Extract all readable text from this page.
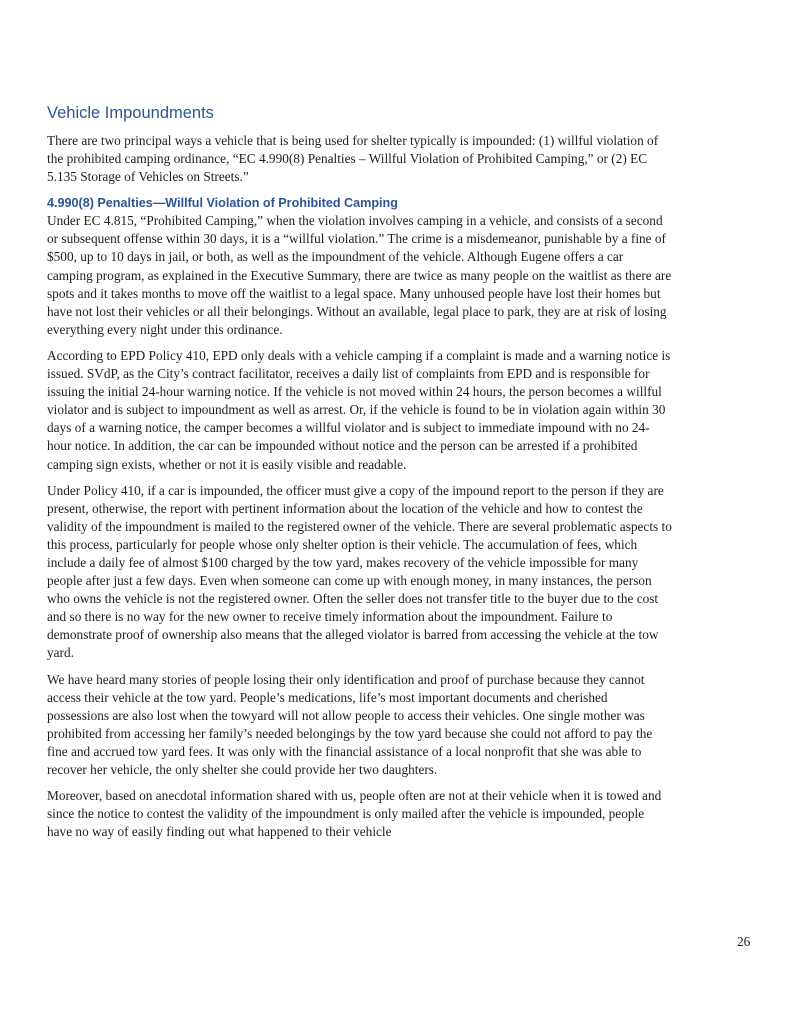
Vehicle Impoundments

There are two principal ways a vehicle that is being used for shelter typically is impounded: (1) willful violation of the prohibited camping ordinance, “EC 4.990(8) Penalties – Willful Violation of Prohibited Camping,” or (2) EC 5.135 Storage of Vehicles on Streets.”

4.990(8) Penalties—Willful Violation of Prohibited Camping

Under EC 4.815, “Prohibited Camping,” when the violation involves camping in a vehicle, and consists of a second or subsequent offense within 30 days, it is a “willful violation.” The crime is a misdemeanor, punishable by a fine of $500, up to 10 days in jail, or both, as well as the impoundment of the vehicle. Although Eugene offers a car camping program, as explained in the Executive Summary, there are twice as many people on the waitlist as there are spots and it takes months to move off the waitlist to a legal space. Many unhoused people have lost their homes but have not lost their vehicles or all their belongings. Without an available, legal place to park, they are at risk of losing everything every night under this ordinance.

According to EPD Policy 410, EPD only deals with a vehicle camping if a complaint is made and a warning notice is issued. SVdP, as the City’s contract facilitator, receives a daily list of complaints from EPD and is responsible for issuing the initial 24-hour warning notice. If the vehicle is not moved within 24 hours, the person becomes a willful violator and is subject to impoundment as well as arrest. Or, if the vehicle is found to be in violation again within 30 days of a warning notice, the camper becomes a willful violator and is subject to immediate impound with no 24-hour notice. In addition, the car can be impounded without notice and the person can be arrested if a prohibited camping sign exists, whether or not it is easily visible and readable.

Under Policy 410, if a car is impounded, the officer must give a copy of the impound report to the person if they are present, otherwise, the report with pertinent information about the location of the vehicle and how to contest the validity of the impoundment is mailed to the registered owner of the vehicle. There are several problematic aspects to this process, particularly for people whose only shelter option is their vehicle. The accumulation of fees, which include a daily fee of almost $100 charged by the tow yard, makes recovery of the vehicle impossible for many people after just a few days. Even when someone can come up with enough money, in many instances, the person who owns the vehicle is not the registered owner. Often the seller does not transfer title to the buyer due to the cost and so there is no way for the new owner to receive timely information about the impoundment. Failure to demonstrate proof of ownership also means that the alleged violator is barred from accessing the vehicle at the tow yard.

We have heard many stories of people losing their only identification and proof of purchase because they cannot access their vehicle at the tow yard. People’s medications, life’s most important documents and cherished possessions are also lost when the towyard will not allow people to access their vehicles. One single mother was prohibited from accessing her family’s needed belongings by the tow yard because she could not afford to pay the fine and accrued tow yard fees. It was only with the financial assistance of a local nonprofit that she was able to recover her vehicle, the only shelter she could provide her two daughters.

Moreover, based on anecdotal information shared with us, people often are not at their vehicle when it is towed and since the notice to contest the validity of the impoundment is only mailed after the vehicle is impounded, people have no way of easily finding out what happened to their vehicle

26
